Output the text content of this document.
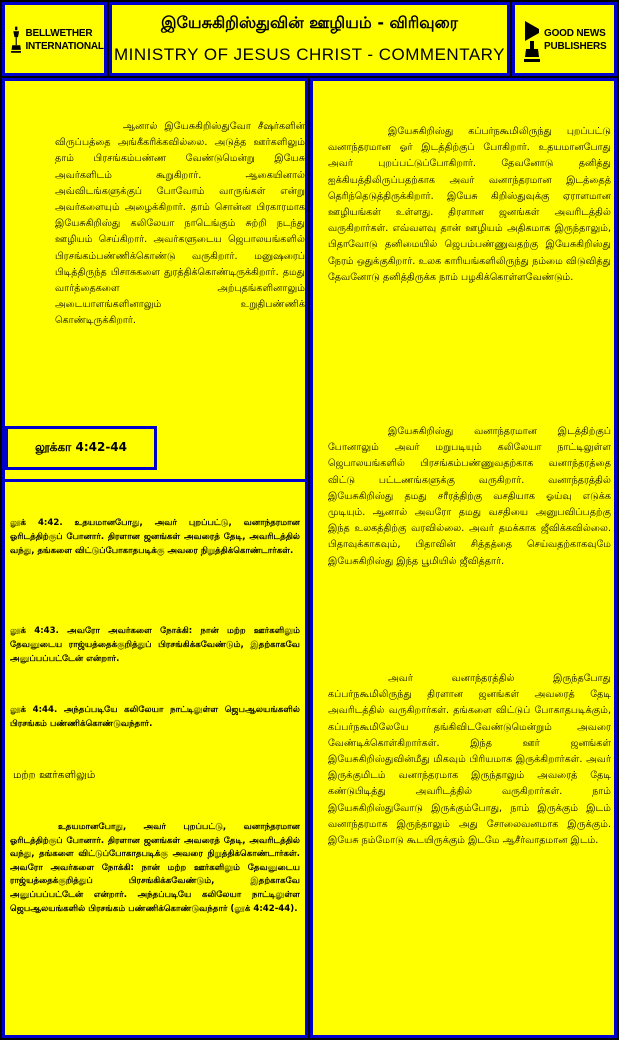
BELLWETHER INTERNATIONAL
இயேசுகிறிஸ்துவின் ஊழியம் - விரிவுரை
MINISTRY OF JESUS CHRIST - COMMENTARY
GOOD NEWS PUBLISHERS

ஆனால் இயேசுகிறிஸ்துவோ சீஷர்களின் விருப்பத்தை அங்கீகரிக்கவில்லை. அடுத்த ஊர்களிலும் தாம் பிரசங்கம்பண்ண வேண்டுமென்று இயேசு அவர்களிடம் கூறுகிறார். ஆகையினால் அவ்விடங்களுக்குப் போவோம் வாருங்கள் என்று அவர்களையும் அழைக்கிறார். தாம் சொன்ன பிரகாரமாக இயேசுகிறிஸ்து கலிலேயா நாடெங்கும் சுற்றி நடந்து ஊழியம் செய்கிறார். அவர்களுடைய ஜெபாலயங்களில் பிரசங்கம்பண்ணிக்கொண்டு வருகிறார். மனுஷரைப் பிடித்திருந்த பிசாசுகளை துரத்திக்கொண்டிருக்கிறார். தமது வார்த்தைகளை அற்புதங்களினாலும் அடையாளங்களினாலும் உறுதிபண்ணிக் கொண்டிருக்கிறார்.

லூக்கா 4:42-44

லூக் 4:42. உதயமானபோது, அவர் புறப்பட்டு, வனாந்தரமான ஓரிடத்திற்குப் போனார். திரளான ஜனங்கள் அவரைத் தேடி, அவரிடத்தில் வந்து, தங்களை விட்டுப்போகாதபடிக்கு அவரை நிறுத்திக்கொண்டார்கள்.

லூக் 4:43. அவரோ அவர்களை நோக்கி: நான் மற்ற ஊர்களிலும் தேவனுடைய ராஜ்யத்தைக்குறித்துப் பிரசங்கிக்கவேண்டும், இதற்காகவே அனுப்பப்பட்டேன் என்றார்.

லூக் 4:44. அந்தப்படியே கலிலேயா நாட்டிலுள்ள ஜெபஆலயங்களில் பிரசங்கம் பண்ணிக்கொண்டுவந்தார்.

மற்ற ஊர்களிலும்

உதயமானபோது, அவர் புறப்பட்டு, வனாந்தரமான ஓரிடத்திற்குப் போனார். திரளான ஜனங்கள் அவரைத் தேடி, அவரிடத்தில் வந்து, தங்களை விட்டுப்போகாதபடிக்கு அவரை நிறுத்திக்கொண்டார்கள். அவரோ அவர்களை நோக்கி: நான் மற்ற ஊர்களிலும் தேவனுடைய ராஜ்யத்தைக்குறித்துப் பிரசங்கிக்கவேண்டும், இதற்காகவே அனுப்பப்பட்டேன் என்றார். அந்தப்படியே கலிலேயா நாட்டிலுள்ள ஜெபஆலயங்களில் பிரசங்கம் பண்ணிக்கொண்டுவந்தார் (லூக் 4:42-44).

இயேசுகிறிஸ்து கப்பர்நகூமிலிருந்து புறப்பட்டு வனாந்தரமான ஓர் இடத்திற்குப் போகிறார். உதயமானபோது அவர் புறப்பட்டுப்போகிறார். தேவனோடு தனித்து ஐக்கியத்திலிருப்பதற்காக அவர் வனாந்தரமான இடத்தைத் தெரிந்தெடுத்திருக்கிறார். இயேசு கிறிஸ்துவுக்கு ஏராளமான ஊழியங்கள் உள்ளது. திரளான ஜனங்கள் அவரிடத்தில் வருகிறார்கள். எவ்வளவு தான் ஊழியம் அதிகமாக இருந்தாலும், பிதாவோடு தனிமையில் ஜெபம்பண்ணுவதற்கு இயேசுகிறிஸ்து நேரம் ஒதுக்குகிறார். உலக காரியங்களிலிருந்து நம்மை விடுவித்து தேவனோடு தனித்திருக்க நாம் பழகிக்கொள்ளவேண்டும்.

இயேசுகிறிஸ்து வனாந்தரமான இடத்திற்குப் போனாலும் அவர் மறுபடியும் கலிலேயா நாட்டிலுள்ள ஜெபாலயங்களில் பிரசங்கம்பண்ணுவதற்காக வனாந்தரத்தை விட்டு பட்டணங்களுக்கு வருகிறார். வனாந்தரத்தில் இயேசுகிறிஸ்து தமது சரீரத்திற்கு வசதியாக ஓய்வு எடுக்க முடியும். ஆனால் அவரோ தமது வசதியை அனுபவிப்பதற்கு இந்த உலகத்திற்கு வரவில்லை. அவர் தமக்காக ஜீவிக்கவில்லை. பிதாவுக்காகவும், பிதாவின் சித்தத்தை செய்வதற்காகவுமே இயேசுகிறிஸ்து இந்த பூமியில் ஜீவித்தார்.

அவர் வனாந்தரத்தில் இருந்தபோது கப்பர்நகூமிலிருந்து திரளான ஜனங்கள் அவரைத் தேடி அவரிடத்தில் வருகிறார்கள். தங்களை விட்டுப் போகாதபடிக்கும், கப்பர்நகூமிலேயே தங்கிவிடவேண்டுமென்றும் அவரை வேண்டிக்கொள்கிறார்கள். இந்த ஊர் ஜனங்கள் இயேசுகிறிஸ்துவின்மீது மிகவும் பிரியமாக இருக்கிறார்கள். அவர் இருக்குமிடம் வனாந்தரமாக இருந்தாலும் அவரைத் தேடி கண்டுபிடித்து அவரிடத்தில் வருகிறார்கள். நாம் இயேசுகிறிஸ்துவோடு இருக்கும்போது, நாம் இருக்கும் இடம் வனாந்தரமாக இருந்தாலும் அது சோலைவனமாக இருக்கும். இயேசு நம்மோடு கூடயிருக்கும் இடமே ஆசீர்வாதமான இடம்.
